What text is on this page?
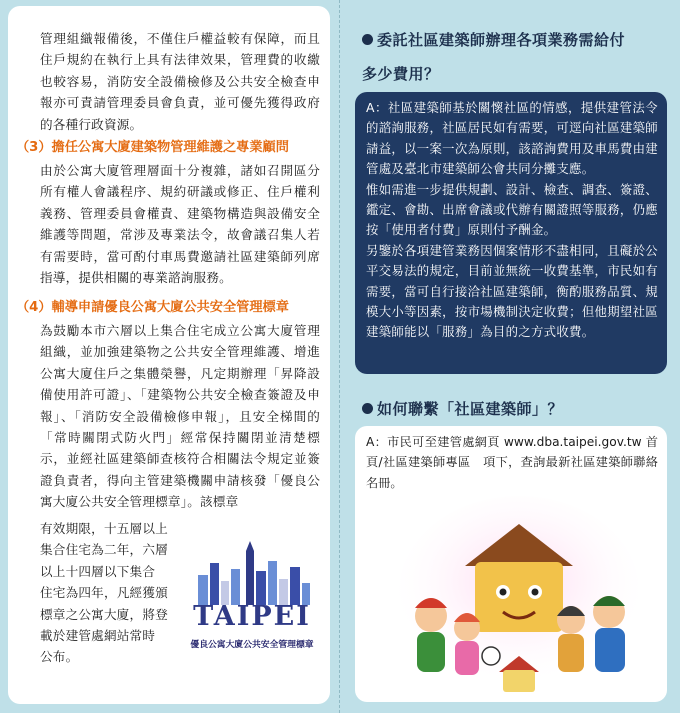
管理組織報備後，不僅住戶權益較有保障，而且住戶規約在執行上具有法律效果，管理費的收繳也較容易，消防安全設備檢修及公共安全檢查申報亦可責請管理委員會負責，並可優先獲得政府的各種行政資源。

（3）擔任公寓大廈建築物管理維護之專業顧問

由於公寓大廈管理層面十分複雜，諸如召開區分所有權人會議程序、規約研議或修正、住戶權利義務、管理委員會權責、建築物構造與設備安全維護等問題，常涉及專業法令，故會議召集人若有需要時，當可酌付車馬費邀請社區建築師列席指導，提供相關的專業諮詢服務。

（4）輔導申請優良公寓大廈公共安全管理標章

為鼓勵本市六層以上集合住宅成立公寓大廈管理組織，並加強建築物之公共安全管理維護、增進公寓大廈住戶之集體榮譽，凡定期辦理「昇降設備使用許可證」、「建築物公共安全檢查簽證及申報」、「消防安全設備檢修申報」，且安全梯間的「常時關閉式防火門」經常保持關閉並清楚標示，並經社區建築師查核符合相關法令規定並簽證負責者，得向主管建築機關申請核發「優良公寓大廈公共安全管理標章」。該標章

有效期限，十五層以上
集合住宅為二年，六層
以上十四層以下集合
住宅為四年，凡經獲頒
標章之公寓大廈，將登
載於建管處網站常時
公布。
TAIPEI
優良公寓大廈公共安全管理標章
委託社區建築師辦理各項業務需給付
多少費用？

A：社區建築師基於關懷社區的情感，提供建管法令的諮詢服務，社區居民如有需要，可逕向社區建築師請益，以一案一次為原則，該諮詢費用及車馬費由建管處及臺北市建築師公會共同分攤支應。

惟如需進一步提供規劃、設計、檢查、調查、簽證、鑑定、會勘、出席會議或代辦有關證照等服務，仍應按「使用者付費」原則付予酬金。

另鑒於各項建管業務因個案情形不盡相同，且礙於公平交易法的規定，目前並無統一收費基準，市民如有需要，當可自行接洽社區建築師，衡酌服務品質、規模大小等因素，按市場機制決定收費；但他期望社區建築師能以「服務」為目的之方式收費。

如何聯繫「社區建築師」？
A：市民可至建管處網頁 www.dba.taipei.gov.tw 首頁/社區建築師專區　項下，查詢最新社區建築師聯絡名冊。
